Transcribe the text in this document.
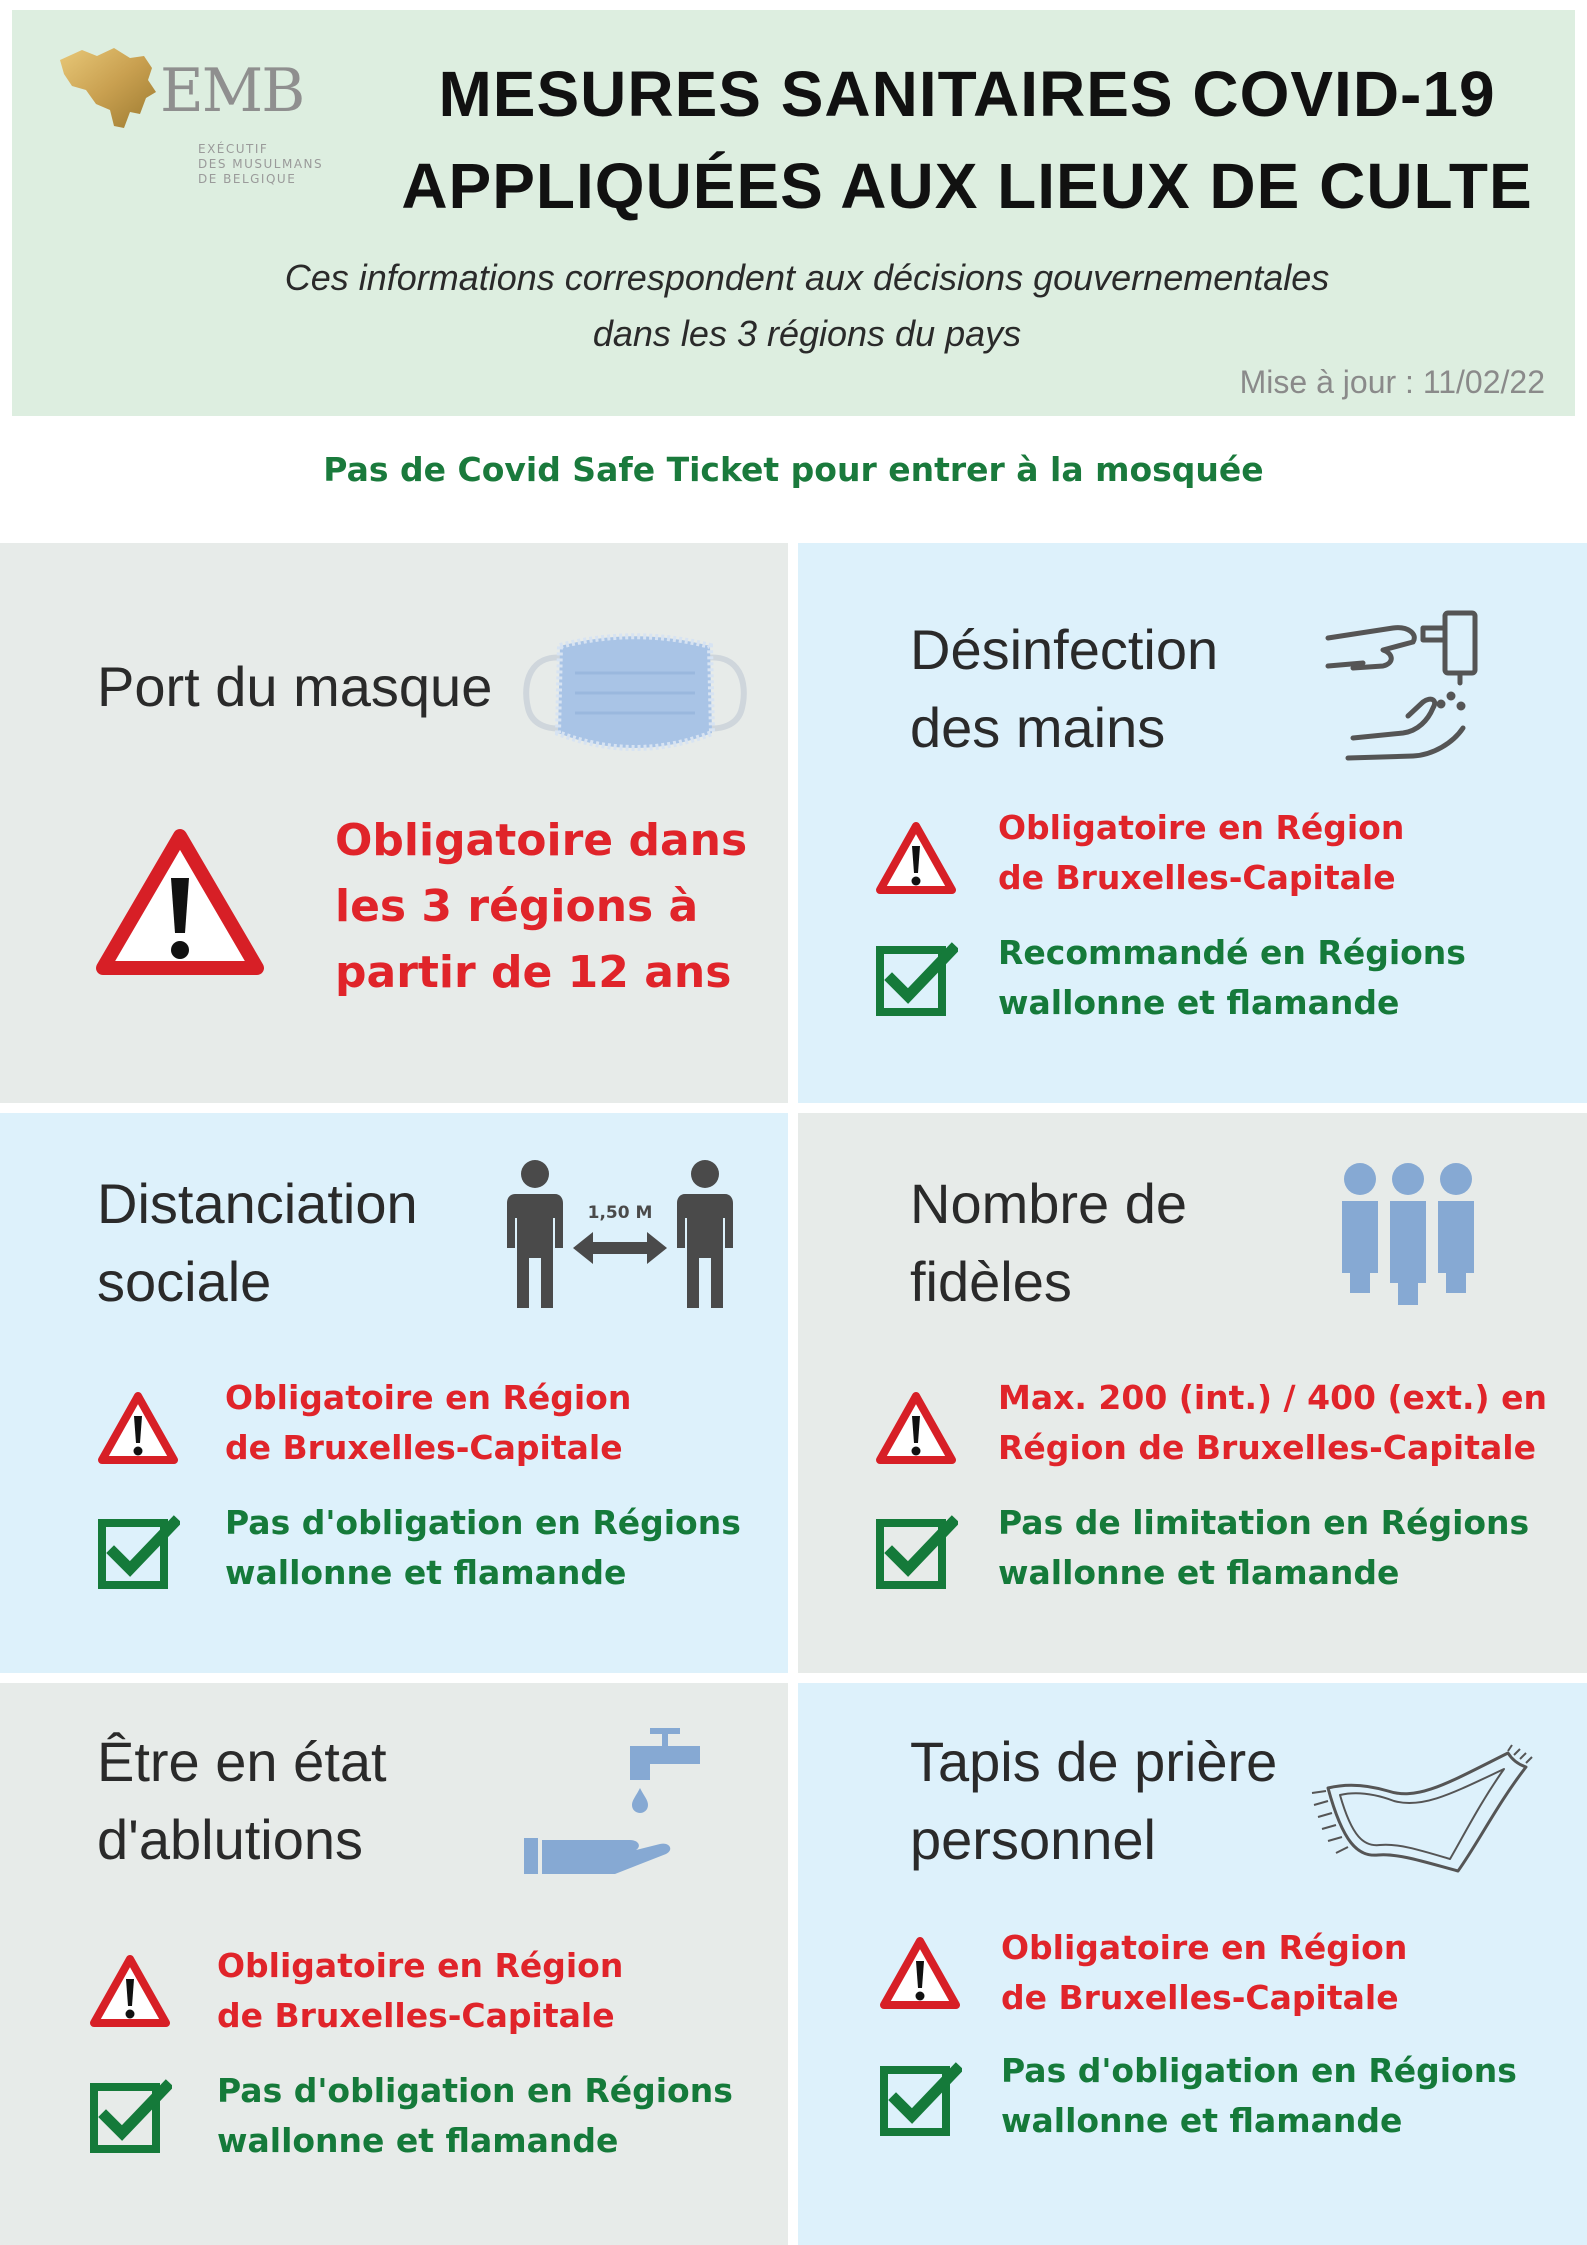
EMB
EXÉCUTIF
DES MUSULMANS
DE BELGIQUE
MESURES SANITAIRES COVID-19
APPLIQUÉES AUX LIEUX DE CULTE
Ces informations correspondent aux décisions gouvernementales
dans les 3 régions du pays
Mise à jour : 11/02/22
Pas de Covid Safe Ticket pour entrer à la mosquée
Port du masque
Obligatoire dans
les 3 régions à
partir de 12 ans
Désinfection
des mains
Obligatoire en Région
de Bruxelles-Capitale
Recommandé en Régions
wallonne et flamande
Distanciation
sociale
1,50 M
Obligatoire en Région
de Bruxelles-Capitale
Pas d'obligation en Régions
wallonne et flamande
Nombre de
fidèles
Max. 200 (int.) / 400 (ext.) en
Région de Bruxelles-Capitale
Pas de limitation en Régions
wallonne et flamande
Être en état
d'ablutions
Obligatoire en Région
de Bruxelles-Capitale
Pas d'obligation en Régions
wallonne et flamande
Tapis de prière
personnel
Obligatoire en Région
de Bruxelles-Capitale
Pas d'obligation en Régions
wallonne et flamande
